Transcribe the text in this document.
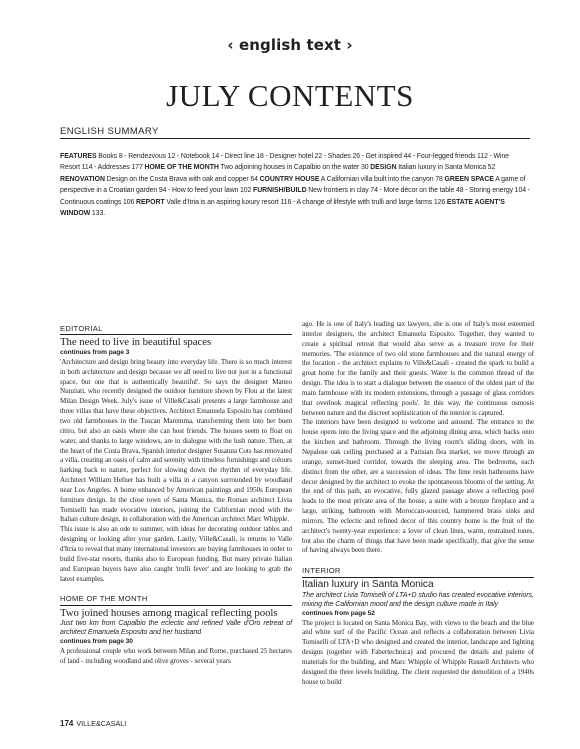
‹ english text ›
JULY CONTENTS
ENGLISH SUMMARY
FEATURES Books 8 - Rendezvous 12 - Notebook 14 - Direct line 18 - Designer hotel 22 - Shades 26 - Get inspired 44 - Four-legged friends 112 - Wine Resort 114 - Addresses 177 HOME OF THE MONTH Two adjoining houses in Capalbio on the water 30 DESIGN Italian luxury in Santa Monica 52 RENOVATION Design on the Costa Brava with oak and copper 64 COUNTRY HOUSE A Californian villa built into the canyon 78 GREEN SPACE A game of perspective in a Croatian garden 94 - How to feed your lawn 102 FURNISH/BUILD New frontiers in clay 74 - More décor on the table 48 - Storing energy 104 - Continuous coatings 106 REPORT Valle d'Itria is an aspiring luxury resort 116 - A change of lifestyle with trulli and large farms 126 ESTATE AGENT'S WINDOW 133.
EDITORIAL
The need to live in beautiful spaces
continues from page 3
'Architecture and design bring beauty into everyday life. There is so much interest in both architecture and design because we all need to live not just in a functional space, but one that is authentically beautiful'. So says the designer Matteo Nunziati, who recently designed the outdoor furniture shown by Flou at the latest Milan Design Week. July's issue of Ville&Casali presents a large farmhouse and three villas that have these objectives. Architect Emanuela Esposito has combined two old farmhouses in the Tuscan Maremma, transforming them into her buen ritiro, but also an oasis where she can host friends. The houses seem to float on water, and thanks to large windows, are in dialogue with the lush nature. Then, at the heart of the Costa Brava, Spanish interior designer Susanna Cots has renovated a villa, creating an oasis of calm and serenity with timeless furnishings and colours harking back to nature, perfect for slowing down the rhythm of everyday life. Architect William Hefner has built a villa in a canyon surrounded by woodland near Los Angeles. A home enhanced by American paintings and 1950s European furniture design. In the close town of Santa Monica, the Roman architect Livia Tomiselli has made evocative interiors, joining the Californian mood with the Italian culture design, in collaboration with the American architect Marc Whipple.
This issue is also an ode to summer, with ideas for decorating outdoor tables and designing or looking after your garden. Lastly, Ville&Casali, is returns to Valle d'Itria to reveal that many international investors are buying farmhouses in order to build five-star resorts, thanks also to European funding. But many private Italian and European buyers have also caught 'trulli fever' and are looking to grab the latest examples.
HOME OF THE MONTH
Two joined houses among magical reflecting pools
Just two km from Capalbio the eclectic and refined Valle d'Oro retreat of architect Emanuela Esposito and her husband
continues from page 30
A professional couple who work between Milan and Rome, purchased 25 hectares of land - including woodland and olive groves - several years
ago. He is one of Italy's leading tax lawyers, she is one of Italy's most esteemed interior designers, the architect Emanuela Esposito. Together, they wanted to create a spiritual retreat that would also serve as a treasure trove for their memories. 'The existence of two old stone farmhouses and the natural energy of the location - the architect explains to Ville&Casali - created the spark to build a great home for the family and their guests. Water is the common thread of the design. The idea is to start a dialogue between the essence of the oldest part of the main farmhouse with its modern extensions, through a passage of glass corridors that overlook magical reflecting pools'. In this way, the continuous osmosis between nature and the discreet sophistication of the interior is captured.
The interiors have been designed to welcome and astound. The entrance to the house opens into the living space and the adjoining dining area, which backs onto the kitchen and bathroom. Through the living room's sliding doors, with its Nepalese oak ceiling purchased at a Parisian flea market, we move through an orange, sunset-hued corridor, towards the sleeping area. The bedrooms, each distinct from the other, are a succession of ideas. The lime resin bathrooms have decor designed by the architect to evoke the spontaneous blooms of the setting. At the end of this path, an evocative, fully glazed passage above a reflecting pool leads to the most private area of the house, a suite with a bronze fireplace and a large, striking, bathroom with Moroccan-sourced, hammered brass sinks and mirrors. The eclectic and refined decor of this country home is the fruit of the architect's twenty-year experience: a lover of clean lines, warm, restrained tones, but also the charm of things that have been made specifically, that give the sense of having always been there.
INTERIOR
Italian luxury in Santa Monica
The architect Livia Tomiselli of LTA+D studio has created evocative interiors, mixing the Californian mood and the design culture made in Italy
continues from page 52
The project is located on Santa Monica Bay, with views to the beach and the blue and white surf of the Pacific Ocean and reflects a collaboration between Livia Tomiselli of LTA+D who designed and created the interior, landscape and lighting designs (together with Fabertechnica) and procured the details and palette of materials for the building, and Marc Whipple of Whipple Russell Architects who designed the three levels building. The client requested the demolition of a 1940s house to build
174 VILLE&CASALI
